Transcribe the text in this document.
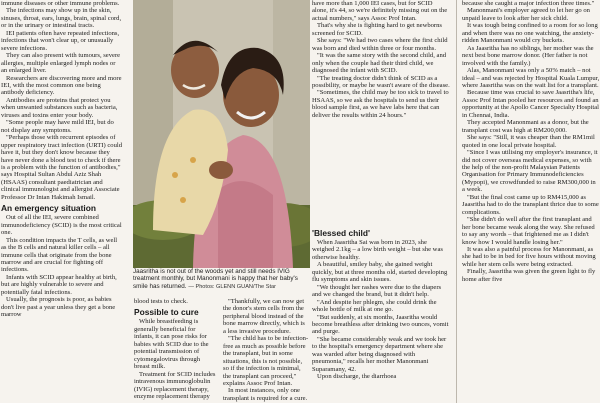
immune diseases or other immune problems.

The infections may show up in the skin, sinuses, throat, ears, lungs, brain, spinal cord, or in the urinary or intestinal tracts.

IEI patients often have repeated infections, infections that won't clear up, or unusually severe infections.

They can also present with tumours, severe allergies, multiple enlarged lymph nodes or an enlarged liver.

Researchers are discovering more and more IEI, with the most common one being antibody deficiency.

Antibodies are proteins that protect you when unwanted substances such as bacteria, viruses and toxins enter your body.

"Some people may have mild IEI, but do not display any symptoms.

"Perhaps those with recurrent episodes of upper respiratory tract infection (URTI) could have it, but they don't know because they have never done a blood test to check if there is a problem with the function of antibodies," says Hospital Sultan Abdul Aziz Shah (HSAAS) consultant paediatrician and clinical immunologist and allergist Associate Professor Dr Intan Hakimah Ismail.

An emergency situation

Out of all the IEI, severe combined immunodeficiency (SCID) is the most critical one.

This condition impacts the T cells, as well as the B cells and natural killer cells – all immune cells that originate from the bone marrow and are crucial for fighting off infections.

Infants with SCID appear healthy at birth, but are highly vulnerable to severe and potentially fatal infections.

Usually, the prognosis is poor, as babies don't live past a year unless they get a bone marrow

Jaasritha is not out of the woods yet and still needs IVIG treatment monthly, but Manonmani is happy that her baby's smile has returned. — Photos: GLENN GUAN/The Star

blood tests to check.

Possible to cure

While breastfeeding is generally beneficial for infants, it can pose risks for babies with SCID due to the potential transmission of cytomegalovirus through breast milk.

Treatment for SCID includes intravenous immunoglobulin (IVIG) replacement therapy, enzyme replacement therapy

"Thankfully, we can now get the donor's stem cells from the peripheral blood instead of the bone marrow directly, which is a less invasive procedure.

"The child has to be infection-free as much as possible before the transplant, but in some situations, this is not possible, so if the infection is minimal, the transplant can proceed," explains Assoc Prof Intan.

In most instances, only one transplant is required for a cure.

have more than 1,000 IEI cases, but for SCID alone, it's 44, so we're definitely missing out on the actual numbers," says Assoc Prof Intan.

That's why she is fighting hard to get newborns screened for SCID.

She says: "We had two cases where the first child was born and died within three or four months.

"It was the same story with the second child, and only when the couple had their third child, we diagnosed the infant with SCID.

"The treating doctor didn't think of SCID as a possibility, or maybe he wasn't aware of the disease.

"Sometimes, the child may be too sick to travel to HSAAS, so we ask the hospitals to send us their blood sample first, as we have labs here that can deliver the results within 24 hours."

'Blessed child'

When Jaasritha Sai was born in 2023, she weighed 2.1kg – a low birth weight – but she was otherwise healthy.

A beautiful, smiley baby, she gained weight quickly, but at three months old, started developing flu symptoms and skin issues.

"We thought her rashes were due to the diapers and we changed the brand, but it didn't help.

"And despite her phlegm, she could drink the whole bottle of milk at one go.

"But suddenly, at six months, Jaasritha would become breathless after drinking two ounces, vomit and purge.

"She became considerably weak and we took her to the hospital's emergency department where she was warded after being diagnosed with pneumonia," recalls her mother Manonmani Suparamany, 42.

Upon discharge, the diarrhoea

because she caught a major infection three times."

Manonmani's employer agreed to let her go on unpaid leave to look after her sick child.

It was tough being confined to a room for so long and when there was no one watching, the anxiety-ridden Manonmani would cry buckets.

As Jaasritha has no siblings, her mother was the next best bone marrow donor. (Her father is not involved with the family.)

Alas, Manonmani was only a 50% match – not ideal – and was rejected by Hospital Kuala Lumpur, where Jaasritha was on the wait list for a transplant.

Because time was crucial to save Jaasritha's life, Assoc Prof Intan pooled her resources and found an opportunity at the Apollo Cancer Specialty Hospital in Chennai, India.

They accepted Manonmani as a donor, but the transplant cost was high at RM200,000.

She says: "Still, it was cheaper than the RM1mil quoted in one local private hospital.

"Since I was utilising my employer's insurance, it did not cover overseas medical expenses, so with the help of the non-profit Malaysian Patients Organisation for Primary Immunodeficiencies (Mypopi), we crowdfunded to raise RM300,000 in a week.

"But the final cost came up to RM415,000 as Jaasritha had to do the transplant thrice due to some complications.

"She didn't do well after the first transplant and her bone became weak along the way. She refused to say any words – that frightened me as I didn't know how I would handle losing her."

It was also a painful process for Manonmani, as she had to be in bed for five hours without moving while her stem cells were being extracted.

Finally, Jaasritha was given the green light to fly home after five
